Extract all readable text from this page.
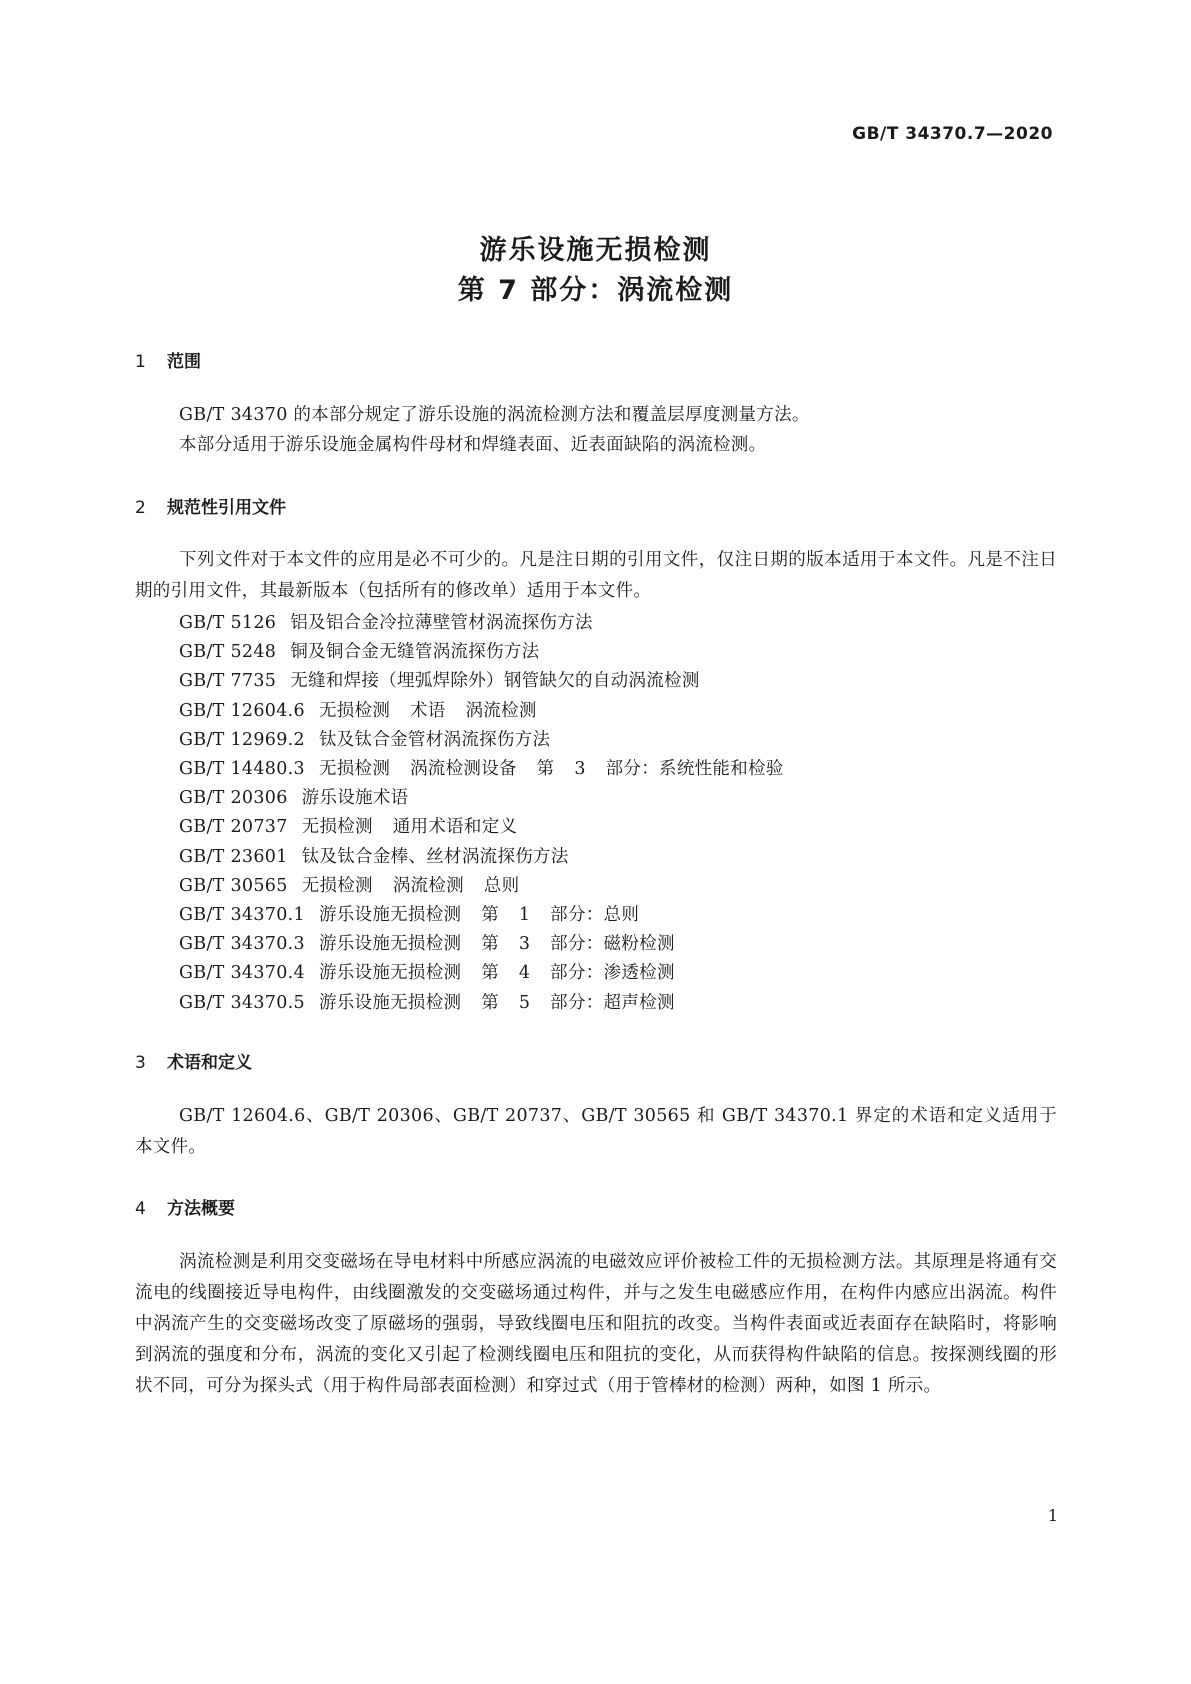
GB/T 34370.7—2020
游乐设施无损检测
第 7 部分：涡流检测
1 范围
GB/T 34370 的本部分规定了游乐设施的涡流检测方法和覆盖层厚度测量方法。
本部分适用于游乐设施金属构件母材和焊缝表面、近表面缺陷的涡流检测。
2 规范性引用文件
下列文件对于本文件的应用是必不可少的。凡是注日期的引用文件，仅注日期的版本适用于本文件。凡是不注日期的引用文件，其最新版本（包括所有的修改单）适用于本文件。
GB/T 5126 铝及铝合金冷拉薄壁管材涡流探伤方法
GB/T 5248 铜及铜合金无缝管涡流探伤方法
GB/T 7735 无缝和焊接（埋弧焊除外）钢管缺欠的自动涡流检测
GB/T 12604.6 无损检测 术语 涡流检测
GB/T 12969.2 钛及钛合金管材涡流探伤方法
GB/T 14480.3 无损检测 涡流检测设备 第 3 部分：系统性能和检验
GB/T 20306 游乐设施术语
GB/T 20737 无损检测 通用术语和定义
GB/T 23601 钛及钛合金棒、丝材涡流探伤方法
GB/T 30565 无损检测 涡流检测 总则
GB/T 34370.1 游乐设施无损检测 第 1 部分：总则
GB/T 34370.3 游乐设施无损检测 第 3 部分：磁粉检测
GB/T 34370.4 游乐设施无损检测 第 4 部分：渗透检测
GB/T 34370.5 游乐设施无损检测 第 5 部分：超声检测
3 术语和定义
GB/T 12604.6、GB/T 20306、GB/T 20737、GB/T 30565 和 GB/T 34370.1 界定的术语和定义适用于本文件。
4 方法概要
涡流检测是利用交变磁场在导电材料中所感应涡流的电磁效应评价被检工件的无损检测方法。其原理是将通有交流电的线圈接近导电构件，由线圈激发的交变磁场通过构件，并与之发生电磁感应作用，在构件内感应出涡流。构件中涡流产生的交变磁场改变了原磁场的强弱，导致线圈电压和阻抗的改变。当构件表面或近表面存在缺陷时，将影响到涡流的强度和分布，涡流的变化又引起了检测线圈电压和阻抗的变化，从而获得构件缺陷的信息。按探测线圈的形状不同，可分为探头式（用于构件局部表面检测）和穿过式（用于管棒材的检测）两种，如图 1 所示。
1
